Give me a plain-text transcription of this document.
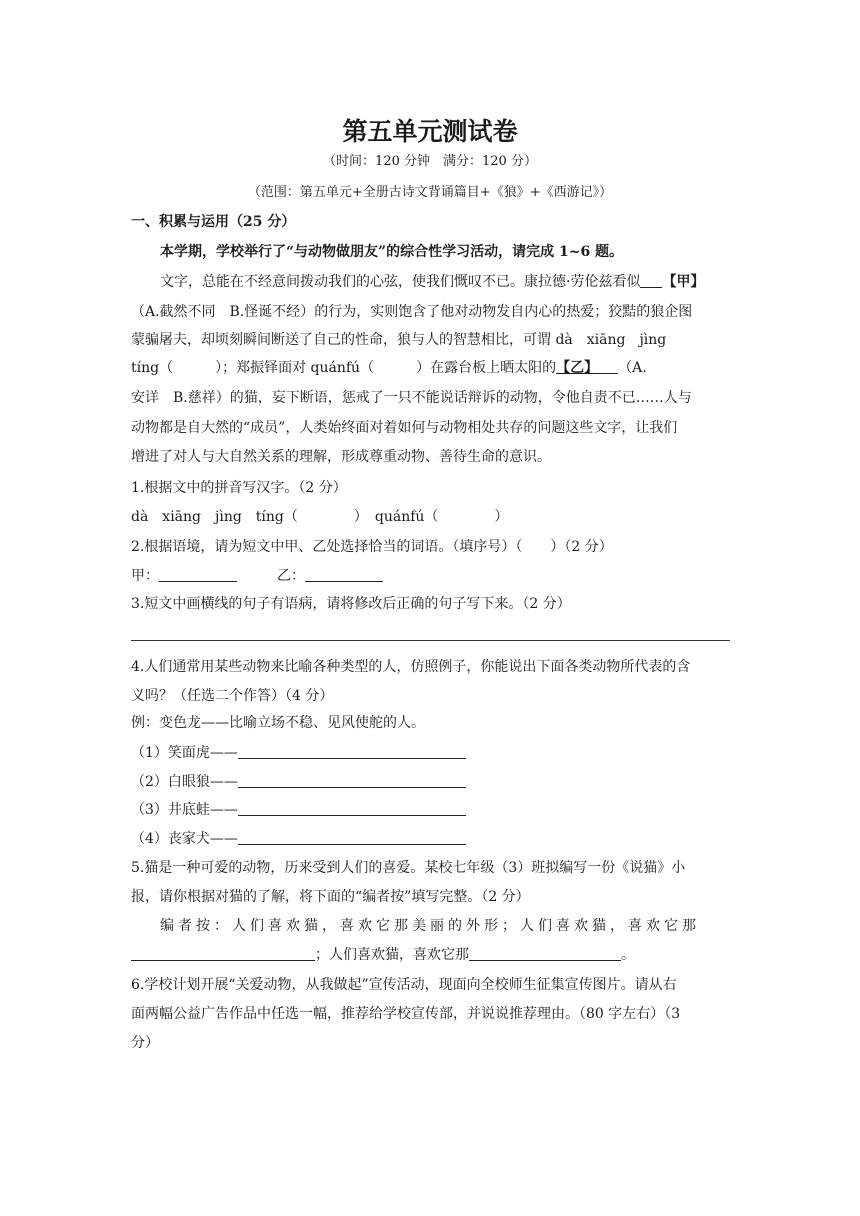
第五单元测试卷
（时间：120 分钟　满分：120 分）
（范围：第五单元+全册古诗文背诵篇目+《狼》+《西游记》）
一、积累与运用（25 分）
本学期，学校举行了“与动物做朋友”的综合性学习活动，请完成 1~6 题。
文字，总能在不经意间拨动我们的心弦，使我们慨叹不已。康拉德·劳伦兹看似 【甲】
（A.截然不同　B.怪诞不经）的行为，实则饱含了他对动物发自内心的热爱；狡黠的狼企图
蒙骗屠夫，却顷刻瞬间断送了自己的性命，狼与人的智慧相比，可谓 dà　xiāng　jìng
tíng（　　　）；郑振铎面对 quánfú（　　　）在露台板上晒太阳的【乙】 （A.
安详　B.慈祥）的猫，妄下断语，惩戒了一只不能说话辩诉的动物，令他自责不已……人与
动物都是自大然的“成员”，人类始终面对着如何与动物相处共存的问题这些文字，让我们
增进了对人与大自然关系的理解，形成尊重动物、善待生命的意识。
1.根据文中的拼音写汉字。（2 分）
dà　xiāng　jìng　tíng（　　　　）　quánfú（　　　　）
2.根据语境，请为短文中甲、乙处选择恰当的词语。（填序号）（　　）（2 分）
甲：	乙：
3.短文中画横线的句子有语病，请将修改后正确的句子写下来。（2 分）
4.人们通常用某些动物来比喻各种类型的人，仿照例子，你能说出下面各类动物所代表的含
义吗？（任选二个作答）（4 分）
例：变色龙——比喻立场不稳、见风使舵的人。
（1）笑面虎——
（2）白眼狼——
（3）井底蛙——
（4）丧家犬——
5.猫是一种可爱的动物，历来受到人们的喜爱。某校七年级（3）班拟编写一份《说猫》小
报，请你根据对猫的了解，将下面的“编者按”填写完整。（2 分）
编者按：人们喜欢猫，喜欢它那美丽的外形；人们喜欢猫，喜欢它那
；人们喜欢猫，喜欢它那	。
6.学校计划开展“关爱动物，从我做起”宣传活动，现面向全校师生征集宣传图片。请从右
面两幅公益广告作品中任选一幅，推荐给学校宣传部，并说说推荐理由。（80 字左右）（3
分）
